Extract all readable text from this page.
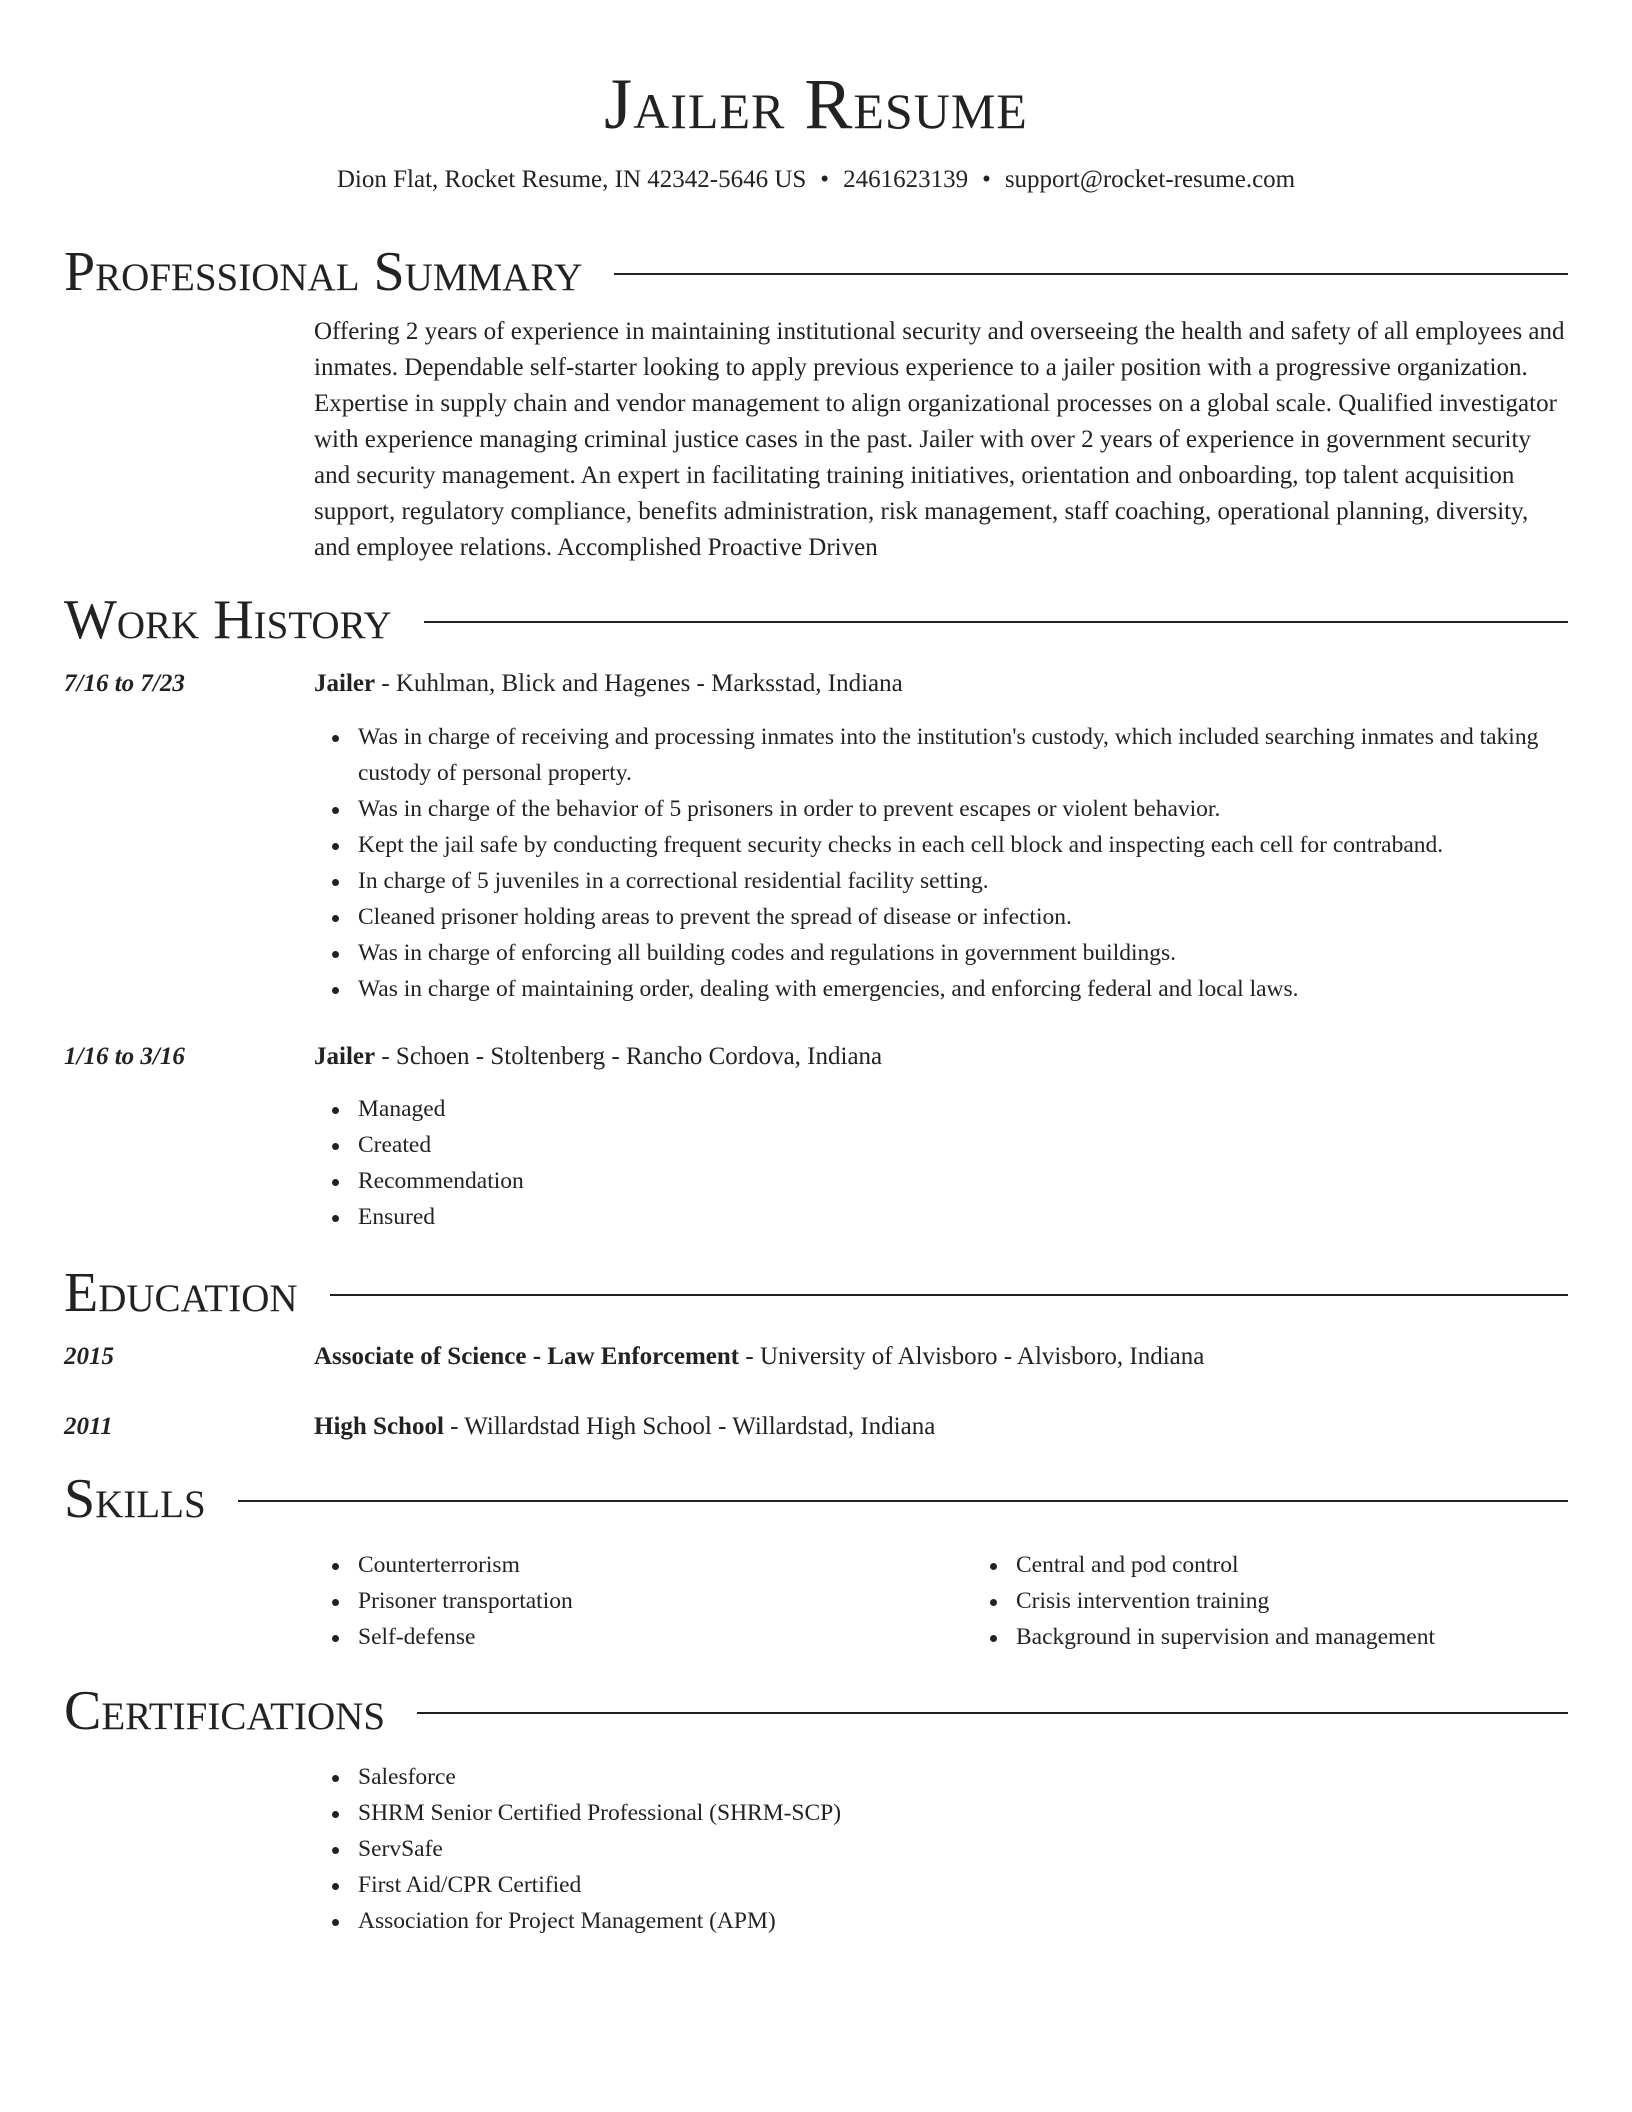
Jailer Resume
Dion Flat, Rocket Resume, IN 42342-5646 US • 2461623139 • support@rocket-resume.com
Professional Summary
Offering 2 years of experience in maintaining institutional security and overseeing the health and safety of all employees and inmates. Dependable self-starter looking to apply previous experience to a jailer position with a progressive organization. Expertise in supply chain and vendor management to align organizational processes on a global scale. Qualified investigator with experience managing criminal justice cases in the past. Jailer with over 2 years of experience in government security and security management. An expert in facilitating training initiatives, orientation and onboarding, top talent acquisition support, regulatory compliance, benefits administration, risk management, staff coaching, operational planning, diversity, and employee relations. Accomplished Proactive Driven
Work History
7/16 to 7/23	Jailer - Kuhlman, Blick and Hagenes - Marksstad, Indiana
Was in charge of receiving and processing inmates into the institution's custody, which included searching inmates and taking custody of personal property.
Was in charge of the behavior of 5 prisoners in order to prevent escapes or violent behavior.
Kept the jail safe by conducting frequent security checks in each cell block and inspecting each cell for contraband.
In charge of 5 juveniles in a correctional residential facility setting.
Cleaned prisoner holding areas to prevent the spread of disease or infection.
Was in charge of enforcing all building codes and regulations in government buildings.
Was in charge of maintaining order, dealing with emergencies, and enforcing federal and local laws.
1/16 to 3/16	Jailer - Schoen - Stoltenberg - Rancho Cordova, Indiana
Managed
Created
Recommendation
Ensured
Education
2015	Associate of Science - Law Enforcement - University of Alvisboro - Alvisboro, Indiana
2011	High School - Willardstad High School - Willardstad, Indiana
Skills
Counterterrorism
Prisoner transportation
Self-defense
Central and pod control
Crisis intervention training
Background in supervision and management
Certifications
Salesforce
SHRM Senior Certified Professional (SHRM-SCP)
ServSafe
First Aid/CPR Certified
Association for Project Management (APM)
